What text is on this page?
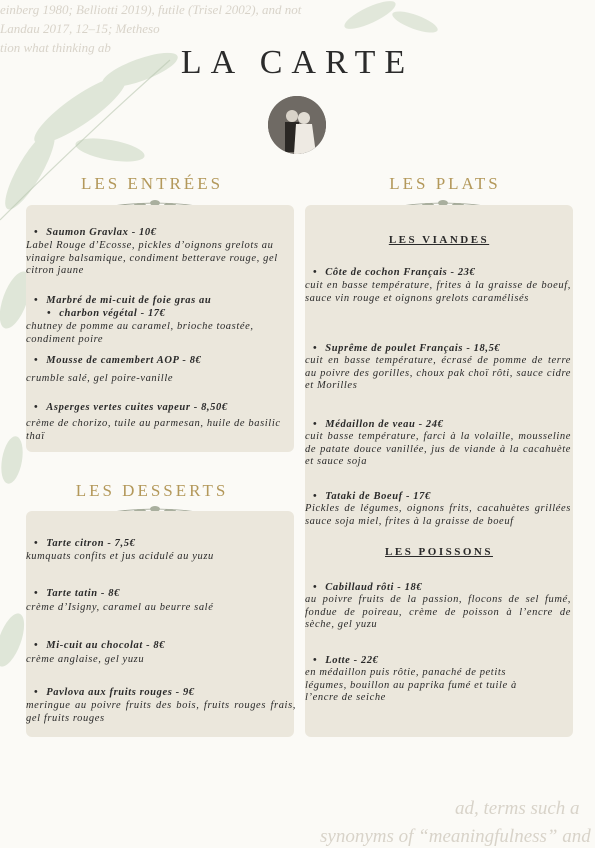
einberg 1980; Belliotti 2019), futile (Trisel 2002), and not
Landau 2017, 12–15; Metheso
tion what thinking ab
ad, terms such a
synonyms of “meaningfulness” and
LA CARTE
LES ENTRÉES
• Saumon Gravlax - 10€
Label Rouge d’Ecosse, pickles d’oignons grelots au vinaigre balsamique, condiment betterave rouge, gel citron jaune
• Marbré de mi-cuit de foie gras au
• charbon végétal - 17€
chutney de pomme au caramel, brioche toastée, condiment poire
• Mousse de camembert AOP - 8€
crumble salé, gel poire-vanille
• Asperges vertes cuites vapeur - 8,50€
crème de chorizo, tuile au parmesan, huile de basilic thaï
LES DESSERTS
• Tarte citron - 7,5€
kumquats confits et jus acidulé au yuzu
• Tarte tatin - 8€
crème d’Isigny, caramel au beurre salé
• Mi-cuit au chocolat - 8€
crème anglaise, gel yuzu
• Pavlova aux fruits rouges - 9€
meringue au poivre fruits des bois, fruits rouges frais, gel fruits rouges
LES PLATS
LES VIANDES
• Côte de cochon Français - 23€
cuit en basse température, frites à la graisse de boeuf, sauce vin rouge et oignons grelots caramélisés
• Suprême de poulet Français - 18,5€
cuit en basse température, écrasé de pomme de terre au poivre des gorilles, choux pak choï rôti, sauce cidre et Morilles
• Médaillon de veau - 24€
cuit basse température, farci à la volaille, mousseline de patate douce vanillée, jus de viande à la cacahuète et sauce soja
• Tataki de Boeuf - 17€
Pickles de légumes, oignons frits, cacahuètes grillées sauce soja miel, frites à la graisse de boeuf
LES POISSONS
• Cabillaud rôti - 18€
au poivre fruits de la passion, flocons de sel fumé, fondue de poireau, crème de poisson à l’encre de sèche, gel yuzu
• Lotte - 22€
en médaillon puis rôtie, panaché de petits légumes, bouillon au paprika fumé et tuile à l’encre de seiche
